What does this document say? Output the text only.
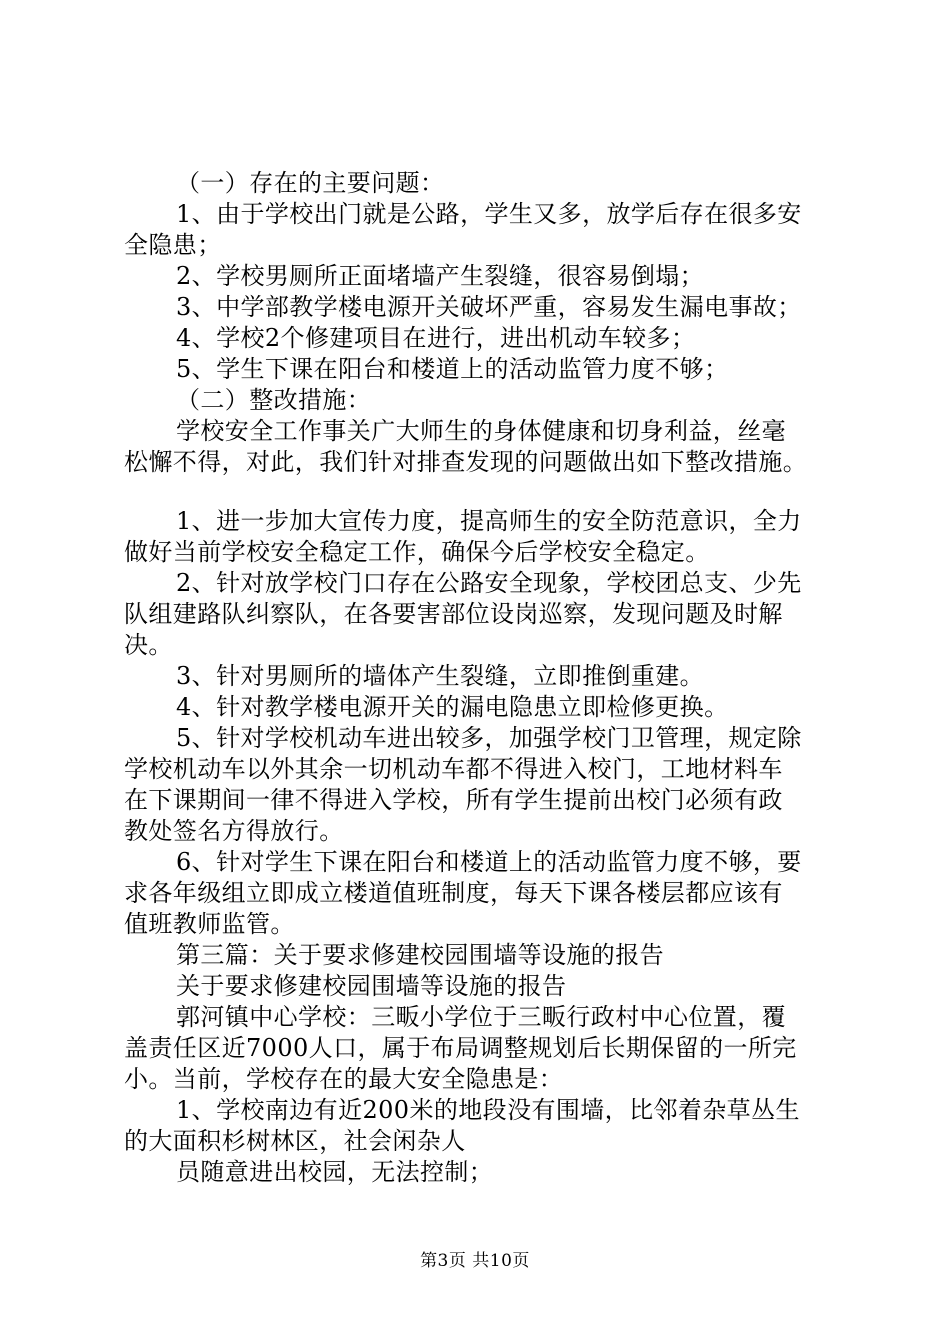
（一）存在的主要问题：
1、由于学校出门就是公路，学生又多，放学后存在很多安
全隐患；
2、学校男厕所正面堵墙产生裂缝，很容易倒塌；
3、中学部教学楼电源开关破坏严重，容易发生漏电事故；
4、学校2个修建项目在进行，进出机动车较多；
5、学生下课在阳台和楼道上的活动监管力度不够；
（二）整改措施：
学校安全工作事关广大师生的身体健康和切身利益，丝毫
松懈不得，对此，我们针对排查发现的问题做出如下整改措施。
1、进一步加大宣传力度，提高师生的安全防范意识，全力
做好当前学校安全稳定工作，确保今后学校安全稳定。
2、针对放学校门口存在公路安全现象，学校团总支、少先
队组建路队纠察队，在各要害部位设岗巡察，发现问题及时解
决。
3、针对男厕所的墙体产生裂缝，立即推倒重建。
4、针对教学楼电源开关的漏电隐患立即检修更换。
5、针对学校机动车进出较多，加强学校门卫管理，规定除
学校机动车以外其余一切机动车都不得进入校门，工地材料车
在下课期间一律不得进入学校，所有学生提前出校门必须有政
教处签名方得放行。
6、针对学生下课在阳台和楼道上的活动监管力度不够，要
求各年级组立即成立楼道值班制度，每天下课各楼层都应该有
值班教师监管。
第三篇：关于要求修建校园围墙等设施的报告
关于要求修建校园围墙等设施的报告
郭河镇中心学校：三畈小学位于三畈行政村中心位置，覆
盖责任区近7000人口，属于布局调整规划后长期保留的一所完
小。当前，学校存在的最大安全隐患是：
1、学校南边有近200米的地段没有围墙，比邻着杂草丛生
的大面积杉树林区，社会闲杂人
员随意进出校园，无法控制；
第3页 共10页
